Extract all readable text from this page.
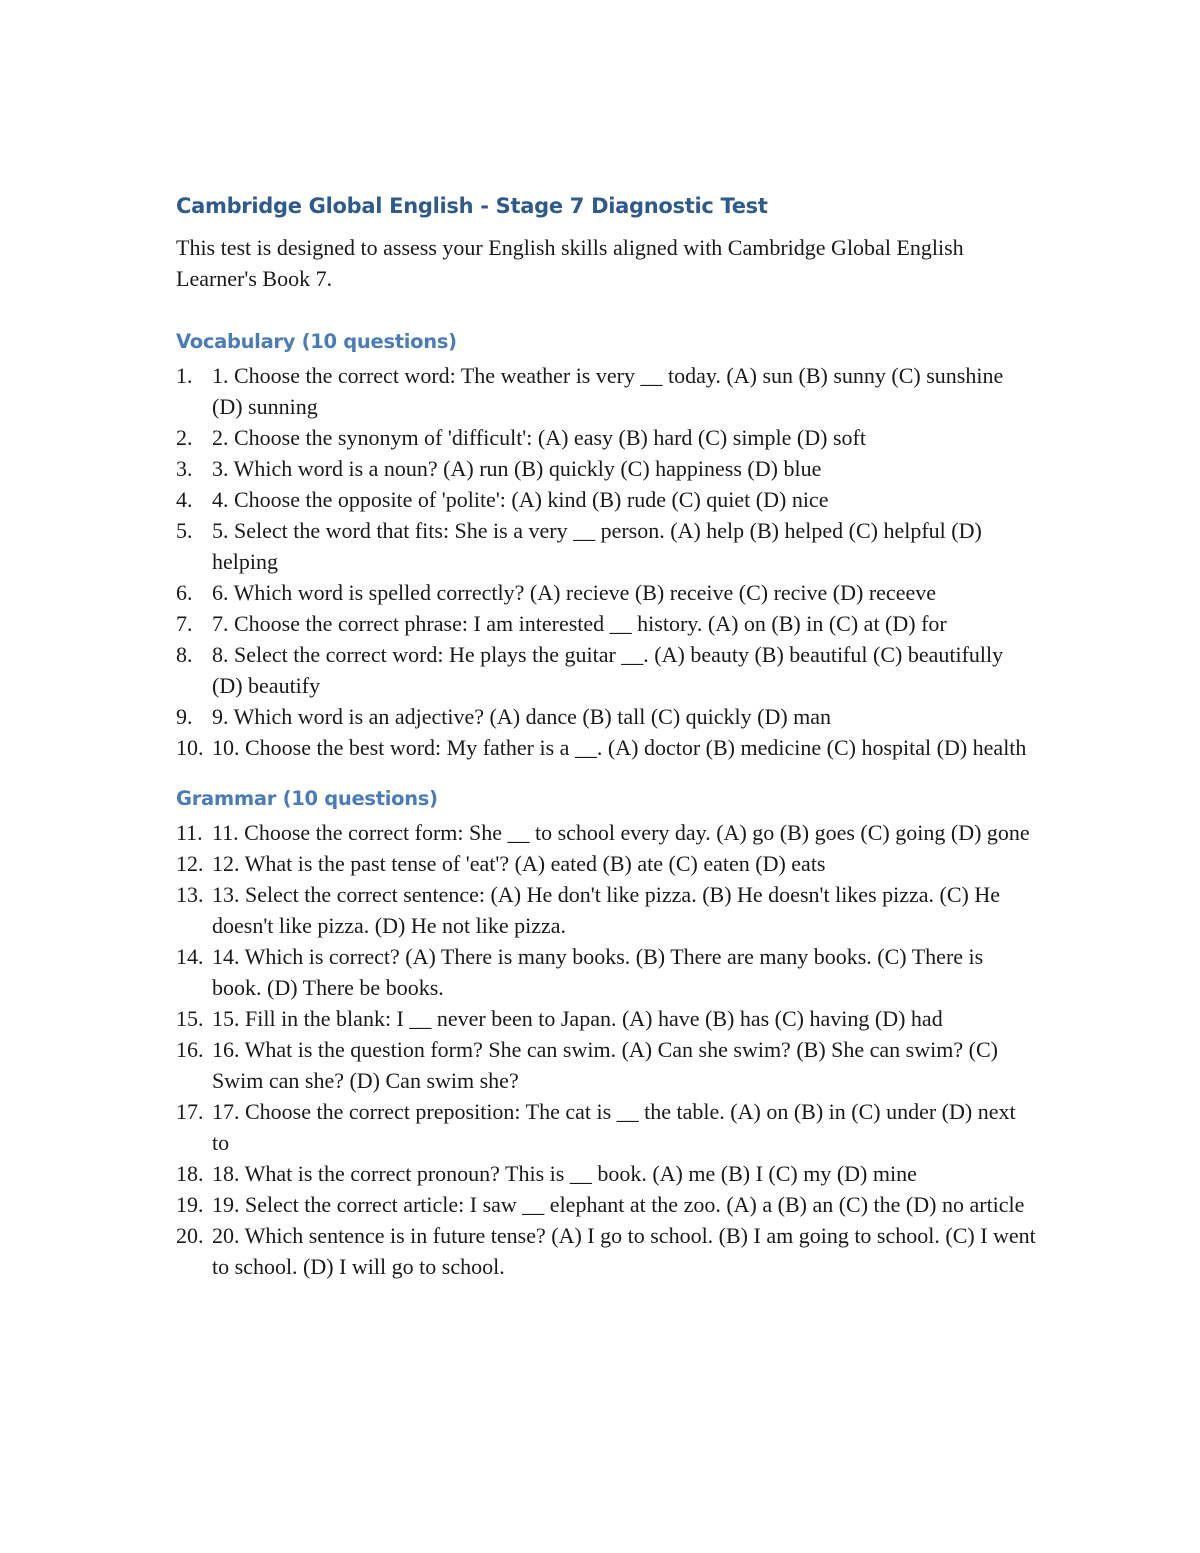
Cambridge Global English - Stage 7 Diagnostic Test

This test is designed to assess your English skills aligned with Cambridge Global English Learner's Book 7.

Vocabulary (10 questions)
1. 1. Choose the correct word: The weather is very __ today. (A) sun (B) sunny (C) sunshine (D) sunning
2. 2. Choose the synonym of 'difficult': (A) easy (B) hard (C) simple (D) soft
3. 3. Which word is a noun? (A) run (B) quickly (C) happiness (D) blue
4. 4. Choose the opposite of 'polite': (A) kind (B) rude (C) quiet (D) nice
5. 5. Select the word that fits: She is a very __ person. (A) help (B) helped (C) helpful (D) helping
6. 6. Which word is spelled correctly? (A) recieve (B) receive (C) recive (D) receeve
7. 7. Choose the correct phrase: I am interested __ history. (A) on (B) in (C) at (D) for
8. 8. Select the correct word: He plays the guitar __. (A) beauty (B) beautiful (C) beautifully (D) beautify
9. 9. Which word is an adjective? (A) dance (B) tall (C) quickly (D) man
10. 10. Choose the best word: My father is a __. (A) doctor (B) medicine (C) hospital (D) health
Grammar (10 questions)
11. 11. Choose the correct form: She __ to school every day. (A) go (B) goes (C) going (D) gone
12. 12. What is the past tense of 'eat'? (A) eated (B) ate (C) eaten (D) eats
13. 13. Select the correct sentence: (A) He don't like pizza. (B) He doesn't likes pizza. (C) He doesn't like pizza. (D) He not like pizza.
14. 14. Which is correct? (A) There is many books. (B) There are many books. (C) There is book. (D) There be books.
15. 15. Fill in the blank: I __ never been to Japan. (A) have (B) has (C) having (D) had
16. 16. What is the question form? She can swim. (A) Can she swim? (B) She can swim? (C) Swim can she? (D) Can swim she?
17. 17. Choose the correct preposition: The cat is __ the table. (A) on (B) in (C) under (D) next to
18. 18. What is the correct pronoun? This is __ book. (A) me (B) I (C) my (D) mine
19. 19. Select the correct article: I saw __ elephant at the zoo. (A) a (B) an (C) the (D) no article
20. 20. Which sentence is in future tense? (A) I go to school. (B) I am going to school. (C) I went to school. (D) I will go to school.
